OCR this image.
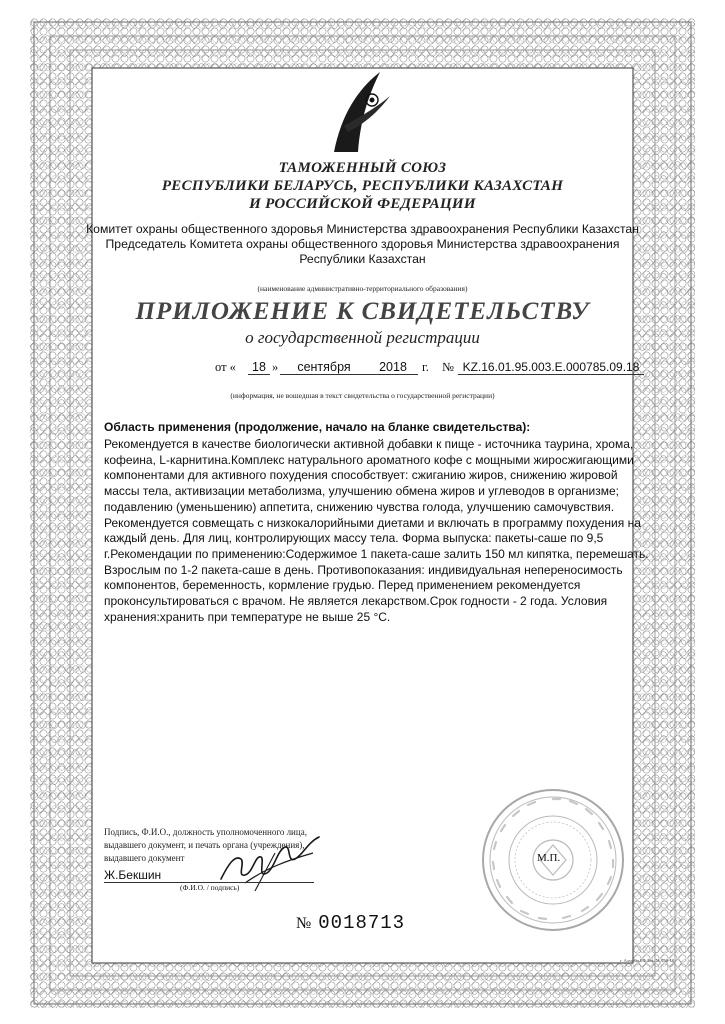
ТАМОЖЕННЫЙ СОЮЗ
РЕСПУБЛИКИ БЕЛАРУСЬ, РЕСПУБЛИКИ КАЗАХСТАН
И РОССИЙСКОЙ ФЕДЕРАЦИИ
Комитет охраны общественного здоровья Министерства здравоохранения Республики Казахстан
Председатель Комитета охраны общественного здоровья Министерства здравоохранения
Республики Казахстан
(наименование административно-территориального образования)
ПРИЛОЖЕНИЕ К СВИДЕТЕЛЬСТВУ
о государственной регистрации
от «	18 »	сентября	2018	г. № KZ.16.01.95.003.Е.000785.09.18
(информация, не вошедшая в текст свидетельства о государственной регистрации)
Область применения (продолжение, начало на бланке свидетельства):
Рекомендуется в качестве биологически активной добавки к пище - источника таурина, хрома,
кофеина, L-карнитина.Комплекс натурального ароматного кофе с мощными жиросжигающими
компонентами для активного похудения способствует: сжиганию жиров, снижению жировой
массы тела, активизации метаболизма, улучшению обмена жиров и углеводов в организме;
подавлению (уменьшению) аппетита, снижению чувства голода, улучшению самочувствия.
Рекомендуется совмещать с низкокалорийными диетами и включать в программу похудения на
каждый день. Для лиц, контролирующих массу тела. Форма выпуска: пакеты-саше по 9,5
г.Рекомендации по применению:Содержимое 1 пакета-саше залить 150 мл кипятка, перемешать.
Взрослым по 1-2 пакета-саше в день. Противопоказания: индивидуальная непереносимость
компонентов, беременность, кормление грудью. Перед применением рекомендуется
проконсультироваться с врачом. Не является лекарством.Срок годности - 2 года. Условия
хранения:хранить при температуре не выше 25 °С.
Подпись, Ф.И.О., должность уполномоченного лица,
выдавшего документ, и печать органа (учреждения),
выдавшего документ
Ж.Бекшин
(Ф.И.О. / подпись)
М.П.
№ 0018713
г. Алматы БФ Зак. № 768-18
